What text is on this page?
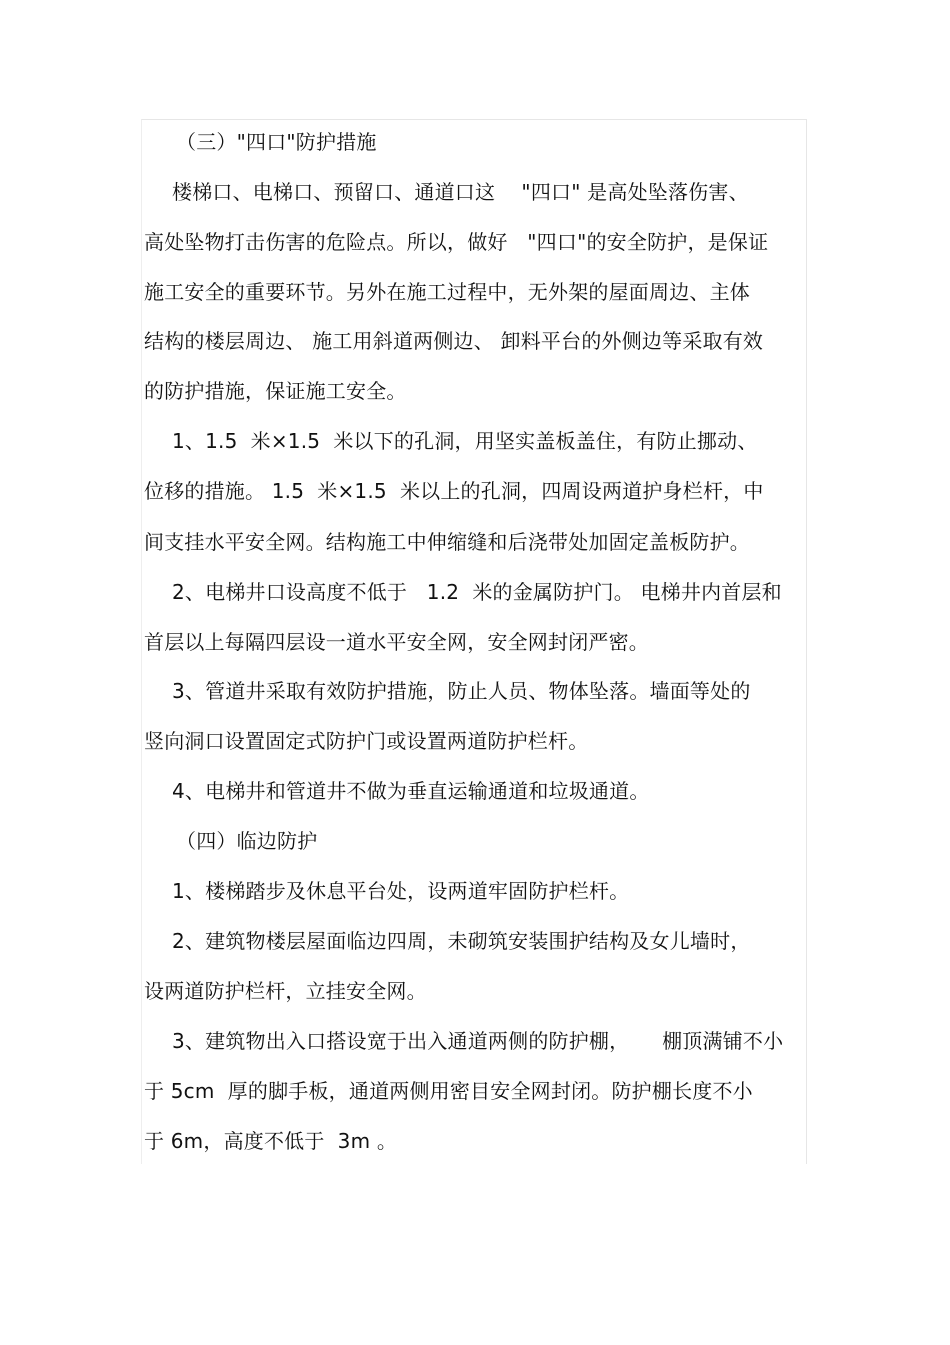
（三）"四口"防护措施
楼梯口、电梯口、预留口、通道口这    "四口" 是高处坠落伤害、
高处坠物打击伤害的危险点。所以，做好   "四口"的安全防护，是保证
施工安全的重要环节。另外在施工过程中，无外架的屋面周边、主体
结构的楼层周边、 施工用斜道两侧边、 卸料平台的外侧边等采取有效
的防护措施，保证施工安全。
1、1.5  米×1.5  米以下的孔洞，用坚实盖板盖住，有防止挪动、
位移的措施。 1.5  米×1.5  米以上的孔洞，四周设两道护身栏杆，中
间支挂水平安全网。结构施工中伸缩缝和后浇带处加固定盖板防护。
2、电梯井口设高度不低于   1.2  米的金属防护门。 电梯井内首层和
首层以上每隔四层设一道水平安全网，安全网封闭严密。
3、管道井采取有效防护措施，防止人员、物体坠落。墙面等处的
竖向洞口设置固定式防护门或设置两道防护栏杆。
4、电梯井和管道井不做为垂直运输通道和垃圾通道。
（四）临边防护
1、楼梯踏步及休息平台处，设两道牢固防护栏杆。
2、建筑物楼层屋面临边四周，未砌筑安装围护结构及女儿墙时，
设两道防护栏杆，立挂安全网。
3、建筑物出入口搭设宽于出入通道两侧的防护棚，     棚顶满铺不小
于 5cm  厚的脚手板，通道两侧用密目安全网封闭。防护棚长度不小
于 6m，高度不低于  3m 。
